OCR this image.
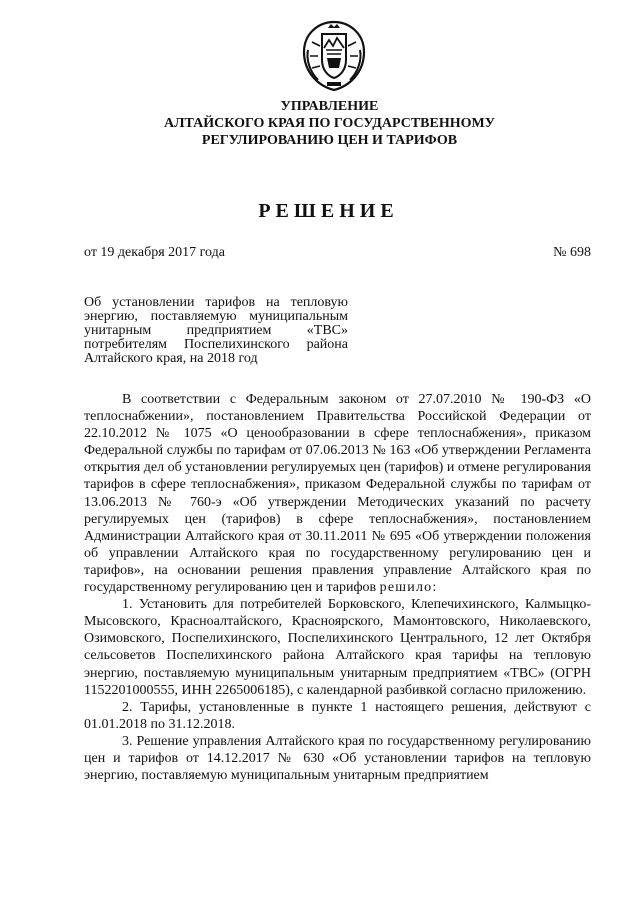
УПРАВЛЕНИЕ
АЛТАЙСКОГО КРАЯ ПО ГОСУДАРСТВЕННОМУ
РЕГУЛИРОВАНИЮ ЦЕН И ТАРИФОВ
РЕШЕНИЕ
от 19 декабря 2017 года	№ 698
Об установлении тарифов на тепловую энергию, поставляемую муниципальным унитарным предприятием «ТВС» потребителям Поспелихинского района Алтайского края, на 2018 год

В соответствии с Федеральным законом от 27.07.2010 № 190-ФЗ «О теплоснабжении», постановлением Правительства Российской Федерации от 22.10.2012 № 1075 «О ценообразовании в сфере теплоснабжения», приказом Федеральной службы по тарифам от 07.06.2013 № 163 «Об утверждении Регламента открытия дел об установлении регулируемых цен (тарифов) и отмене регулирования тарифов в сфере теплоснабжения», приказом Федеральной службы по тарифам от 13.06.2013 № 760-э «Об утверждении Методических указаний по расчету регулируемых цен (тарифов) в сфере теплоснабжения», постановлением Администрации Алтайского края от 30.11.2011 № 695 «Об утверждении положения об управлении Алтайского края по государственному регулированию цен и тарифов», на основании решения правления управление Алтайского края по государственному регулированию цен и тарифов решило:

1. Установить для потребителей Борковского, Клепечихинского, Калмыцко-Мысовского, Красноалтайского, Красноярского, Мамонтовского, Николаевского, Озимовского, Поспелихинского, Поспелихинского Центрального, 12 лет Октября сельсоветов Поспелихинского района Алтайского края тарифы на тепловую энергию, поставляемую муниципальным унитарным предприятием «ТВС» (ОГРН 1152201000555, ИНН 2265006185), с календарной разбивкой согласно приложению.

2. Тарифы, установленные в пункте 1 настоящего решения, действуют с 01.01.2018 по 31.12.2018.

3. Решение управления Алтайского края по государственному регулированию цен и тарифов от 14.12.2017 № 630 «Об установлении тарифов на тепловую энергию, поставляемую муниципальным унитарным предприятием
